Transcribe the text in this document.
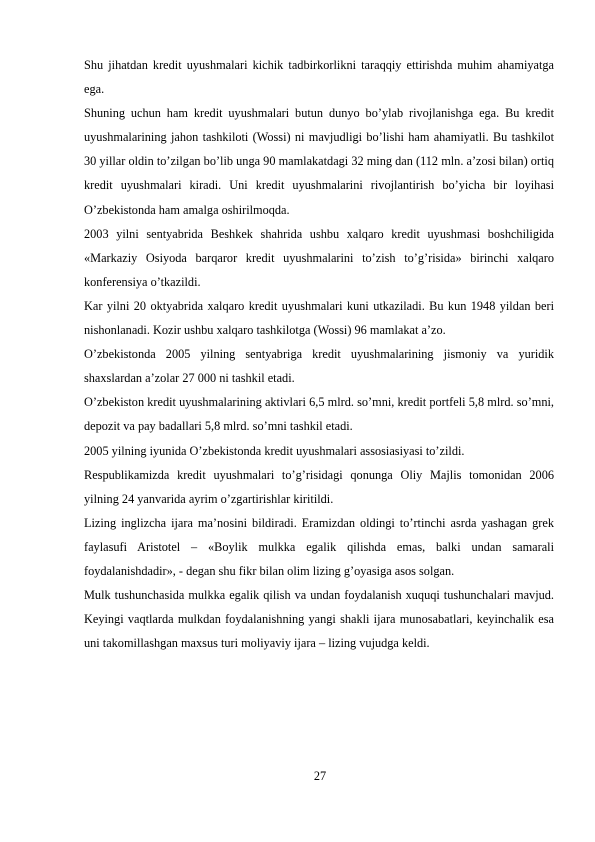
Shu jihatdan kredit uyushmalari kichik tadbirkorlikni taraqqiy ettirishda muhim ahamiyatga ega.

Shuning uchun ham kredit uyushmalari butun dunyo bo’ylab rivojlanishga ega. Bu kredit uyushmalarining jahon tashkiloti (Wossi) ni mavjudligi bo’lishi ham ahamiyatli. Bu tashkilot 30 yillar oldin to’zilgan bo’lib unga 90 mamlakatdagi 32 ming dan (112 mln. a’zosi bilan) ortiq kredit uyushmalari kiradi. Uni kredit uyushmalarini rivojlantirish bo’yicha bir loyihasi O’zbekistonda ham amalga oshirilmoqda.

2003 yilni sentyabrida Beshkek shahrida ushbu xalqaro kredit uyushmasi boshchiligida «Markaziy Osiyoda barqaror kredit uyushmalarini to’zish to’g’risida» birinchi xalqaro konferensiya o’tkazildi.

Kar yilni 20 oktyabrida xalqaro kredit uyushmalari kuni utkaziladi. Bu kun 1948 yildan beri nishonlanadi. Kozir ushbu xalqaro tashkilotga (Wossi) 96 mamlakat a’zo.

O’zbekistonda 2005 yilning sentyabriga kredit uyushmalarining jismoniy va yuridik shaxslardan a’zolar 27 000 ni tashkil etadi.

O’zbekiston kredit uyushmalarining aktivlari 6,5 mlrd. so’mni, kredit portfeli 5,8 mlrd. so’mni, depozit va pay badallari 5,8 mlrd. so’mni tashkil etadi.

2005 yilning iyunida O’zbekistonda kredit uyushmalari assosiasiyasi to’zildi.

Respublikamizda kredit uyushmalari to’g’risidagi qonunga Oliy Majlis tomonidan 2006 yilning 24 yanvarida ayrim o’zgartirishlar kiritildi.

Lizing inglizcha ijara ma’nosini bildiradi. Eramizdan oldingi to’rtinchi asrda yashagan grek faylasufi Aristotel – «Boylik mulkka egalik qilishda emas, balki undan samarali foydalanishdadir», - degan shu fikr bilan olim lizing g’oyasiga asos solgan.

Mulk tushunchasida mulkka egalik qilish va undan foydalanish xuquqi tushunchalari mavjud. Keyingi vaqtlarda mulkdan foydalanishning yangi shakli ijara munosabatlari, keyinchalik esa uni takomillashgan maxsus turi moliyaviy ijara – lizing vujudga keldi.

27
